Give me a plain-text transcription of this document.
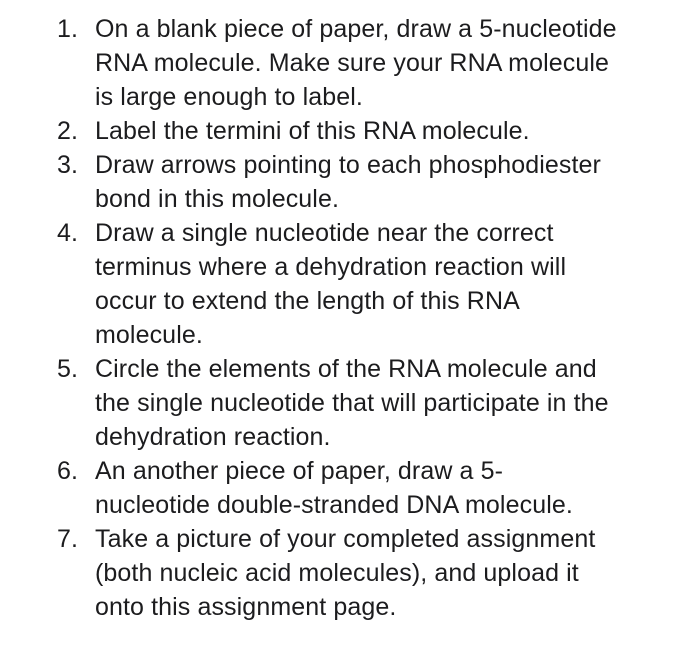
1. On a blank piece of paper, draw a 5-nucleotide
RNA molecule. Make sure your RNA molecule
is large enough to label.
2. Label the termini of this RNA molecule.
3. Draw arrows pointing to each phosphodiester
bond in this molecule.
4. Draw a single nucleotide near the correct
terminus where a dehydration reaction will
occur to extend the length of this RNA
molecule.
5. Circle the elements of the RNA molecule and
the single nucleotide that will participate in the
dehydration reaction.
6. An another piece of paper, draw a 5-
nucleotide double-stranded DNA molecule.
7. Take a picture of your completed assignment
(both nucleic acid molecules), and upload it
onto this assignment page.
